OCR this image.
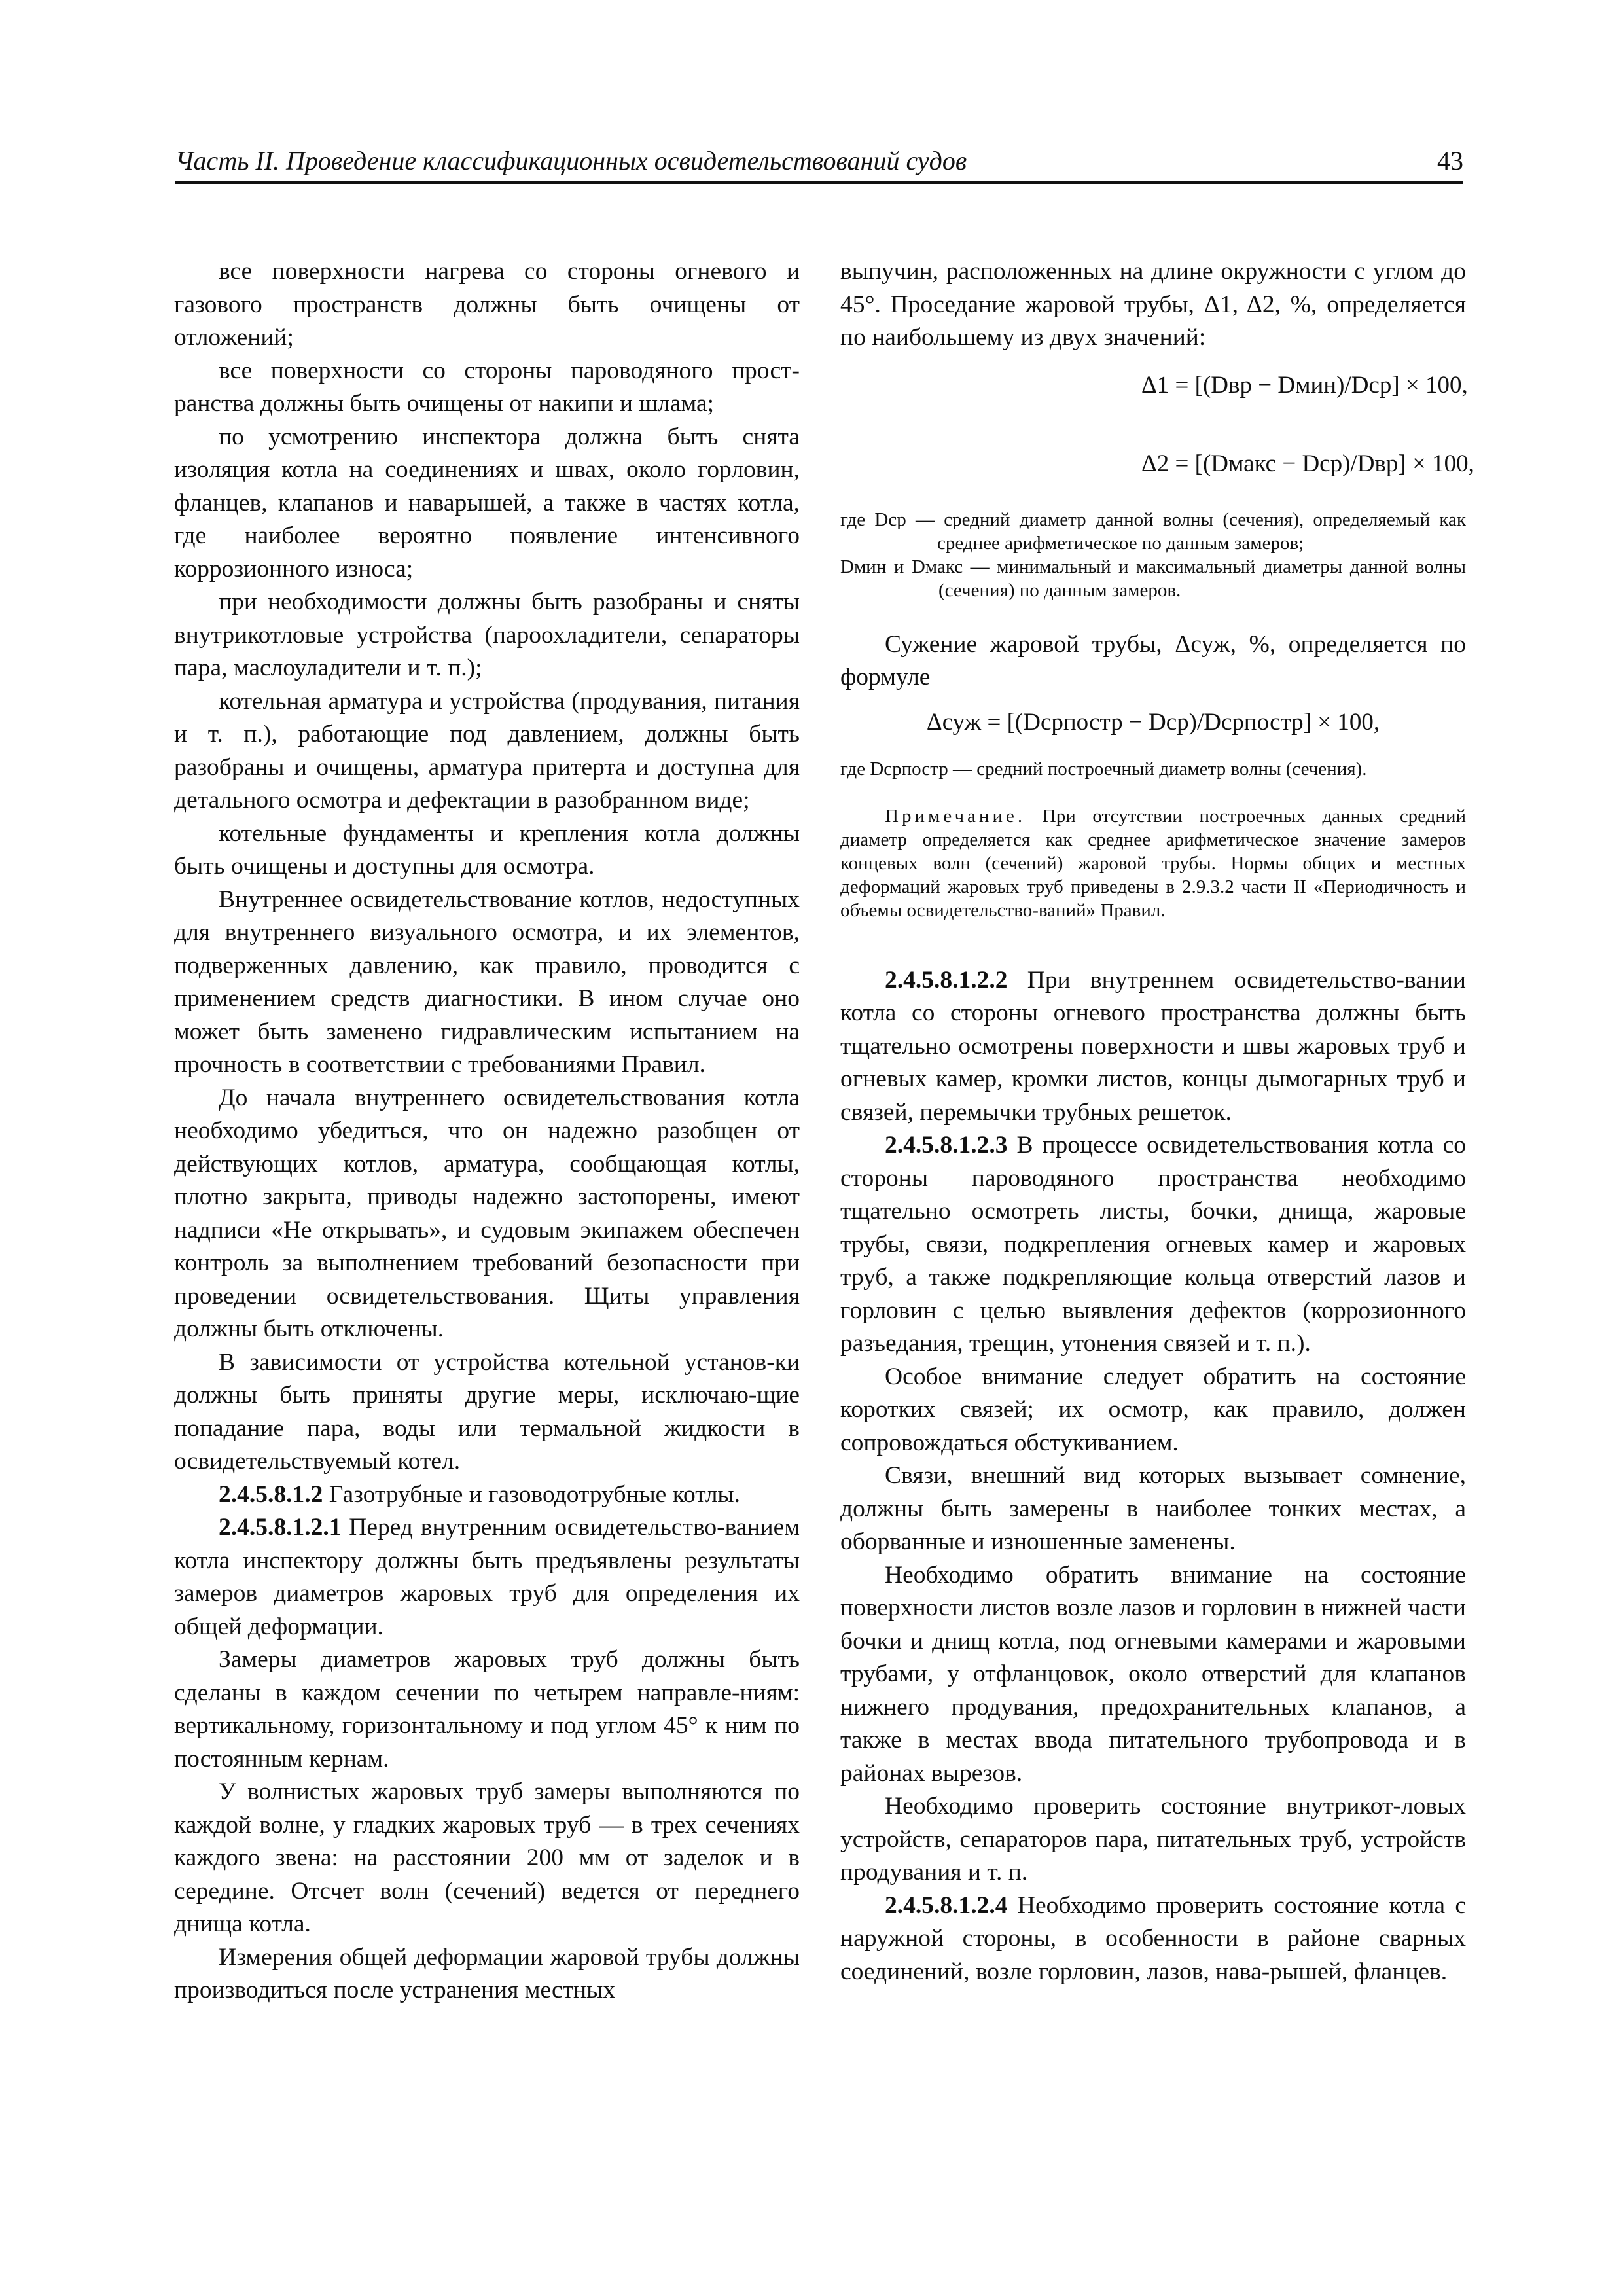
Часть II. Проведение классификационных освидетельствований судов	43

все поверхности нагрева со стороны огневого и газового пространств должны быть очищены от отложений;

все поверхности со стороны пароводяного прост-ранства должны быть очищены от накипи и шлама;

по усмотрению инспектора должна быть снята изоляция котла на соединениях и швах, около горловин, фланцев, клапанов и наварышей, а также в частях котла, где наиболее вероятно появление интенсивного коррозионного износа;

при необходимости должны быть разобраны и сняты внутрикотловые устройства (пароохладители, сепараторы пара, маслоуладители и т. п.);

котельная арматура и устройства (продувания, питания и т. п.), работающие под давлением, должны быть разобраны и очищены, арматура притерта и доступна для детального осмотра и дефектации в разобранном виде;

котельные фундаменты и крепления котла должны быть очищены и доступны для осмотра.

Внутреннее освидетельствование котлов, недоступных для внутреннего визуального осмотра, и их элементов, подверженных давлению, как правило, проводится с применением средств диагностики. В ином случае оно может быть заменено гидравлическим испытанием на прочность в соответствии с требованиями Правил.

До начала внутреннего освидетельствования котла необходимо убедиться, что он надежно разобщен от действующих котлов, арматура, сообщающая котлы, плотно закрыта, приводы надежно застопорены, имеют надписи «Не открывать», и судовым экипажем обеспечен контроль за выполнением требований безопасности при проведении освидетельствования. Щиты управления должны быть отключены.

В зависимости от устройства котельной установ-ки должны быть приняты другие меры, исключаю-щие попадание пара, воды или термальной жидкости в освидетельствуемый котел.

2.4.5.8.1.2 Газотрубные и газоводотрубные котлы.

2.4.5.8.1.2.1 Перед внутренним освидетельство-ванием котла инспектору должны быть предъявлены результаты замеров диаметров жаровых труб для определения их общей деформации.

Замеры диаметров жаровых труб должны быть сделаны в каждом сечении по четырем направле-ниям: вертикальному, горизонтальному и под углом 45° к ним по постоянным кернам.

У волнистых жаровых труб замеры выполняются по каждой волне, у гладких жаровых труб — в трех сечениях каждого звена: на расстоянии 200 мм от заделок и в середине. Отсчет волн (сечений) ведется от переднего днища котла.

Измерения общей деформации жаровой трубы должны производиться после устранения местных

выпучин, расположенных на длине окружности с углом до 45°. Проседание жаровой трубы, Δ1, Δ2, %, определяется по наибольшему из двух значений:

Δ1 = [(Dвр − Dмин)/Dср] × 100,
Δ2 = [(Dмакс − Dср)/Dвр] × 100,
где Dср — средний диаметр данной волны (сечения), определяемый как среднее арифметическое по данным замеров;
Dмин и Dмакс — минимальный и максимальный диаметры данной волны (сечения) по данным замеров.

Сужение жаровой трубы, Δсуж, %, определяется по формуле

Δсуж = [(Dсрпостр − Dср)/Dсрпостр] × 100,
где Dсрпостр — средний построечный диаметр волны (сечения).
Примечание. При отсутствии построечных данных средний диаметр определяется как среднее арифметическое значение замеров концевых волн (сечений) жаровой трубы. Нормы общих и местных деформаций жаровых труб приведены в 2.9.3.2 части II «Периодичность и объемы освидетельство-ваний» Правил.

2.4.5.8.1.2.2 При внутреннем освидетельство-вании котла со стороны огневого пространства должны быть тщательно осмотрены поверхности и швы жаровых труб и огневых камер, кромки листов, концы дымогарных труб и связей, перемычки трубных решеток.

2.4.5.8.1.2.3 В процессе освидетельствования котла со стороны пароводяного пространства необходимо тщательно осмотреть листы, бочки, днища, жаровые трубы, связи, подкрепления огневых камер и жаровых труб, а также подкрепляющие кольца отверстий лазов и горловин с целью выявления дефектов (коррозионного разъедания, трещин, утонения связей и т. п.).

Особое внимание следует обратить на состояние коротких связей; их осмотр, как правило, должен сопровождаться обстукиванием.

Связи, внешний вид которых вызывает сомнение, должны быть замерены в наиболее тонких местах, а оборванные и изношенные заменены.

Необходимо обратить внимание на состояние поверхности листов возле лазов и горловин в нижней части бочки и днищ котла, под огневыми камерами и жаровыми трубами, у отфланцовок, около отверстий для клапанов нижнего продувания, предохранительных клапанов, а также в местах ввода питательного трубопровода и в районах вырезов.

Необходимо проверить состояние внутрикот-ловых устройств, сепараторов пара, питательных труб, устройств продувания и т. п.

2.4.5.8.1.2.4 Необходимо проверить состояние котла с наружной стороны, в особенности в районе сварных соединений, возле горловин, лазов, нава-рышей, фланцев.
